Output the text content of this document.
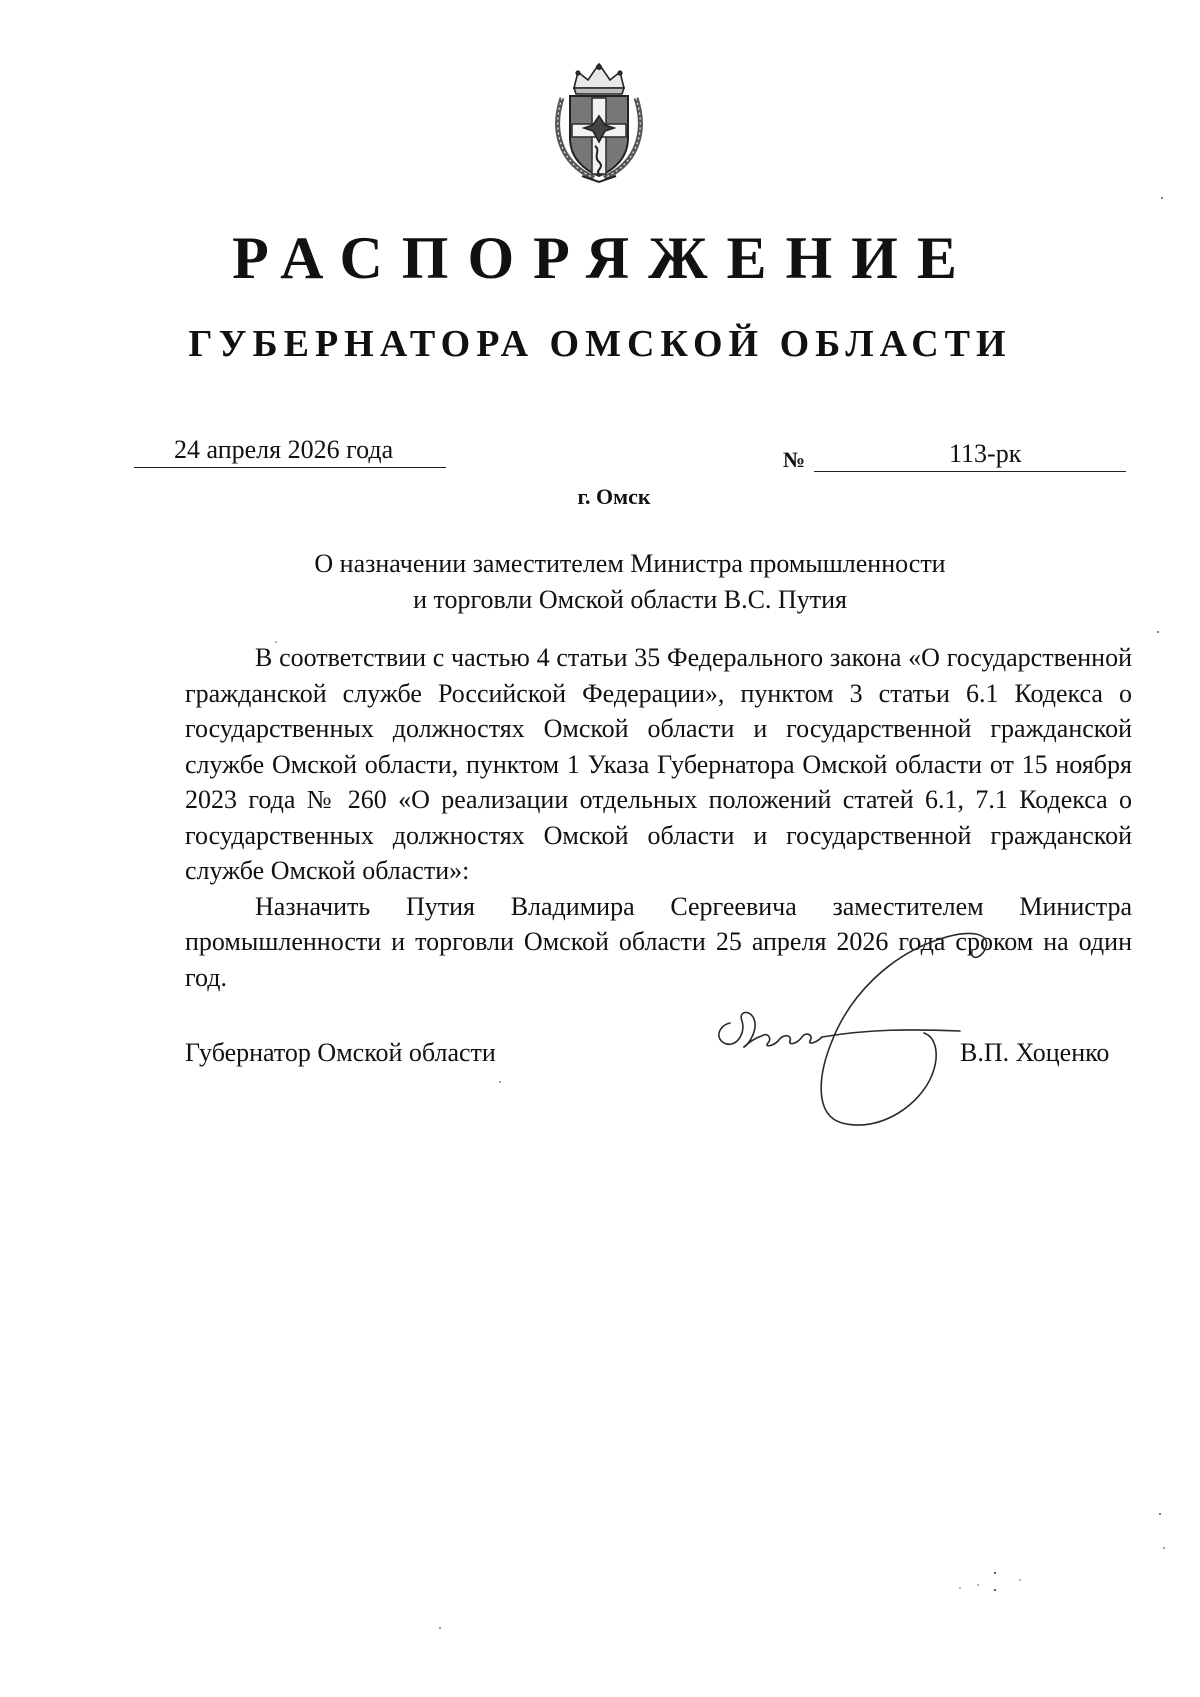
РАСПОРЯЖЕНИЕ
ГУБЕРНАТОРА ОМСКОЙ ОБЛАСТИ
24 апреля 2026 года	№	113-рк
г. Омск
О назначении заместителем Министра промышленности
и торговли Омской области В.С. Путия

В соответствии с частью 4 статьи 35 Федерального закона «О государственной гражданской службе Российской Федерации», пунктом 3 статьи 6.1 Кодекса о государственных должностях Омской области и государственной гражданской службе Омской области, пунктом 1 Указа Губернатора Омской области от 15 ноября 2023 года № 260 «О реализации отдельных положений статей 6.1, 7.1 Кодекса о государственных должностях Омской области и государственной гражданской службе Омской области»:

Назначить Путия Владимира Сергеевича заместителем Министра промышленности и торговли Омской области 25 апреля 2026 года сроком на один год.

Губернатор Омской области	В.П. Хоценко
